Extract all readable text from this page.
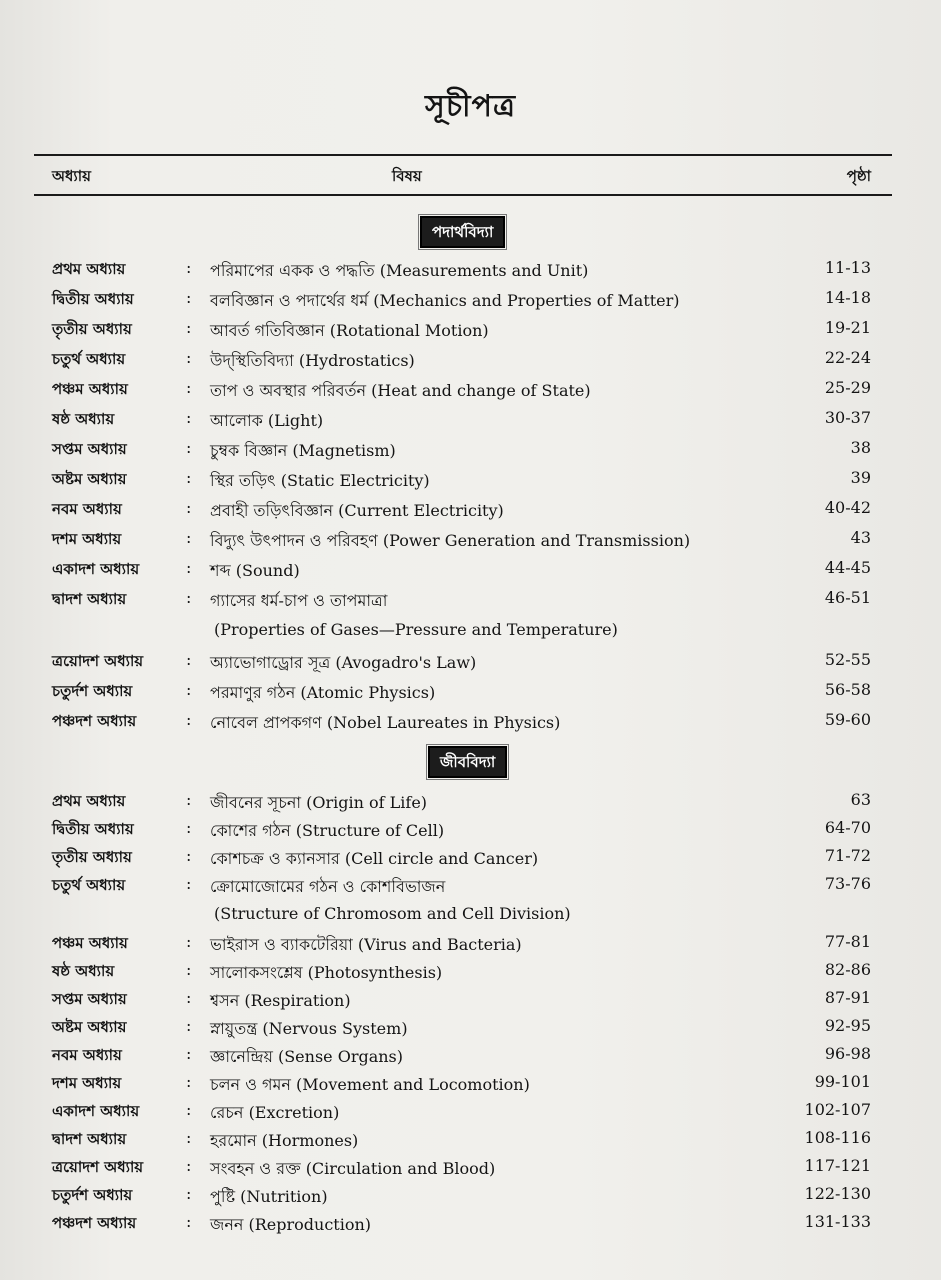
সূচীপত্র
অধ্যায়	বিষয়	পৃষ্ঠা
পদার্থবিদ্যা
প্রথম অধ্যায়	: পরিমাপের একক ও পদ্ধতি (Measurements and Unit)	11-13
দ্বিতীয় অধ্যায়	: বলবিজ্ঞান ও পদার্থের ধর্ম (Mechanics and Properties of Matter)	14-18
তৃতীয় অধ্যায়	: আবর্ত গতিবিজ্ঞান (Rotational Motion)	19-21
চতুর্থ অধ্যায়	: উদ্‌স্থিতিবিদ্যা (Hydrostatics)	22-24
পঞ্চম অধ্যায়	: তাপ ও অবস্থার পরিবর্তন (Heat and change of State)	25-29
ষষ্ঠ অধ্যায়	: আলোক (Light)	30-37
সপ্তম অধ্যায়	: চুম্বক বিজ্ঞান (Magnetism)	38
অষ্টম অধ্যায়	: স্থির তড়িৎ (Static Electricity)	39
নবম অধ্যায়	: প্রবাহী তড়িৎবিজ্ঞান (Current Electricity)	40-42
দশম অধ্যায়	: বিদ্যুৎ উৎপাদন ও পরিবহণ (Power Generation and Transmission)	43
একাদশ অধ্যায়	: শব্দ (Sound)	44-45
দ্বাদশ অধ্যায়	: গ্যাসের ধর্ম-চাপ ও তাপমাত্রা	46-51
(Properties of Gases—Pressure and Temperature)
ত্রয়োদশ অধ্যায়	: অ্যাভোগাড্রোর সূত্র (Avogadro's Law)	52-55
চতুর্দশ অধ্যায়	: পরমাণুর গঠন (Atomic Physics)	56-58
পঞ্চদশ অধ্যায়	: নোবেল প্রাপকগণ (Nobel Laureates in Physics)	59-60
জীববিদ্যা
প্রথম অধ্যায়	: জীবনের সূচনা (Origin of Life)	63
দ্বিতীয় অধ্যায়	: কোশের গঠন (Structure of Cell)	64-70
তৃতীয় অধ্যায়	: কোশচক্র ও ক্যানসার (Cell circle and Cancer)	71-72
চতুর্থ অধ্যায়	: ক্রোমোজোমের গঠন ও কোশবিভাজন	73-76
(Structure of Chromosom and Cell Division)
পঞ্চম অধ্যায়	: ভাইরাস ও ব্যাকটেরিয়া (Virus and Bacteria)	77-81
ষষ্ঠ অধ্যায়	: সালোকসংশ্লেষ (Photosynthesis)	82-86
সপ্তম অধ্যায়	: শ্বসন (Respiration)	87-91
অষ্টম অধ্যায়	: স্নায়ুতন্ত্র (Nervous System)	92-95
নবম অধ্যায়	: জ্ঞানেন্দ্রিয় (Sense Organs)	96-98
দশম অধ্যায়	: চলন ও গমন (Movement and Locomotion)	99-101
একাদশ অধ্যায়	: রেচন (Excretion)	102-107
দ্বাদশ অধ্যায়	: হরমোন (Hormones)	108-116
ত্রয়োদশ অধ্যায়	: সংবহন ও রক্ত (Circulation and Blood)	117-121
চতুর্দশ অধ্যায়	: পুষ্টি (Nutrition)	122-130
পঞ্চদশ অধ্যায়	: জনন (Reproduction)	131-133
